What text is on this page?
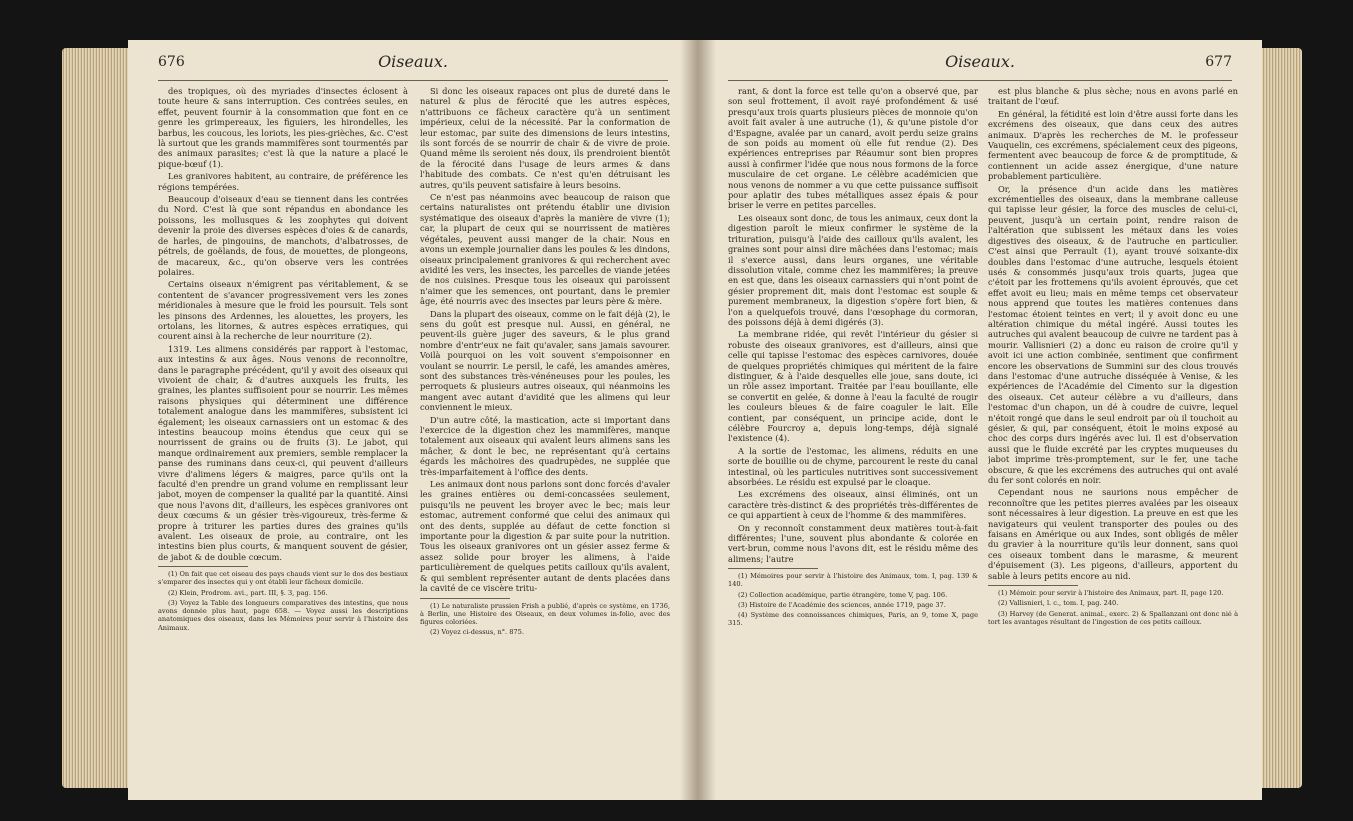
676	Oiseaux.

des tropiques, où des myriades d'insectes éclosent à toute heure & sans interruption. Ces contrées seules, en effet, peuvent fournir à la consommation que font en ce genre les grimpereaux, les figuiers, les hirondelles, les barbus, les coucous, les loriots, les pies-grièches, &c. C'est là surtout que les grands mammifères sont tourmentés par des animaux parasites; c'est là que la nature a placé le pique-bœuf (1).

Les granivores habitent, au contraire, de préférence les régions tempérées.

Beaucoup d'oiseaux d'eau se tiennent dans les contrées du Nord. C'est là que sont répandus en abondance les poissons, les mollusques & les zoophytes qui doivent devenir la proie des diverses espèces d'oies & de canards, de harles, de pingouins, de manchots, d'albatrosses, de pétrels, de goëlands, de fous, de mouettes, de plongeons, de macareux, &c., qu'on observe vers les contrées polaires.

Certains oiseaux n'émigrent pas véritablement, & se contentent de s'avancer progressivement vers les zones méridionales à mesure que le froid les poursuit. Tels sont les pinsons des Ardennes, les alouettes, les proyers, les ortolans, les litornes, & autres espèces erratiques, qui courent ainsi à la recherche de leur nourriture (2).

1319. Les alimens considérés par rapport à l'estomac, aux intestins & aux âges. Nous venons de reconnoître, dans le paragraphe précédent, qu'il y avoit des oiseaux qui vivoient de chair, & d'autres auxquels les fruits, les graines, les plantes suffisoient pour se nourrir. Les mêmes raisons physiques qui déterminent une différence totalement analogue dans les mammifères, subsistent ici également; les oiseaux carnassiers ont un estomac & des intestins beaucoup moins étendus que ceux qui se nourrissent de grains ou de fruits (3). Le jabot, qui manque ordinairement aux premiers, semble remplacer la panse des ruminans dans ceux-ci, qui peuvent d'ailleurs vivre d'alimens légers & maigres, parce qu'ils ont la faculté d'en prendre un grand volume en remplissant leur jabot, moyen de compenser la qualité par la quantité. Ainsi que nous l'avons dit, d'ailleurs, les espèces granivores ont deux cœcums & un gésier très-vigoureux, très-ferme & propre à triturer les parties dures des graines qu'ils avalent. Les oiseaux de proie, au contraire, ont les intestins bien plus courts, & manquent souvent de gésier, de jabot & de double cœcum.

(1) On fait que cet oiseau des pays chauds vient sur le dos des bestiaux s'emparer des insectes qui y ont établi leur fâcheux domicile.

(2) Klein, Prodrom. avi., part. III, §. 3, pag. 156.

(3) Voyez la Table des longueurs comparatives des intestins, que nous avons donnée plus haut, page 658. — Voyez aussi les descriptions anatomiques des oiseaux, dans les Mémoires pour servir à l'histoire des Animaux.

Si donc les oiseaux rapaces ont plus de dureté dans le naturel & plus de férocité que les autres espèces, n'attribuons ce fâcheux caractère qu'à un sentiment impérieux, celui de la nécessité. Par la conformation de leur estomac, par suite des dimensions de leurs intestins, ils sont forcés de se nourrir de chair & de vivre de proie. Quand même ils seroient nés doux, ils prendroient bientôt de la férocité dans l'usage de leurs armes & dans l'habitude des combats. Ce n'est qu'en détruisant les autres, qu'ils peuvent satisfaire à leurs besoins.

Ce n'est pas néanmoins avec beaucoup de raison que certains naturalistes ont prétendu établir une division systématique des oiseaux d'après la manière de vivre (1); car, la plupart de ceux qui se nourrissent de matières végétales, peuvent aussi manger de la chair. Nous en avons un exemple journalier dans les poules & les dindons, oiseaux principalement granivores & qui recherchent avec avidité les vers, les insectes, les parcelles de viande jetées de nos cuisines. Presque tous les oiseaux qui paroissent n'aimer que les semences, ont pourtant, dans le premier âge, été nourris avec des insectes par leurs père & mère.

Dans la plupart des oiseaux, comme on le fait déjà (2), le sens du goût est presque nul. Aussi, en général, ne peuvent-ils guère juger des saveurs, & le plus grand nombre d'entr'eux ne fait qu'avaler, sans jamais savourer. Voilà pourquoi on les voit souvent s'empoisonner en voulant se nourrir. Le persil, le café, les amandes amères, sont des substances très-vénéneuses pour les poules, les perroquets & plusieurs autres oiseaux, qui néanmoins les mangent avec autant d'avidité que les alimens qui leur conviennent le mieux.

D'un autre côté, la mastication, acte si important dans l'exercice de la digestion chez les mammifères, manque totalement aux oiseaux qui avalent leurs alimens sans les mâcher, & dont le bec, ne représentant qu'à certains égards les mâchoires des quadrupèdes, ne supplée que très-imparfaitement à l'office des dents.

Les animaux dont nous parlons sont donc forcés d'avaler les graines entières ou demi-concassées seulement, puisqu'ils ne peuvent les broyer avec le bec; mais leur estomac, autrement conformé que celui des animaux qui ont des dents, supplée au défaut de cette fonction si importante pour la digestion & par suite pour la nutrition. Tous les oiseaux granivores ont un gésier assez ferme & assez solide pour broyer les alimens, à l'aide particulièrement de quelques petits cailloux qu'ils avalent, & qui semblent représenter autant de dents placées dans la cavité de ce viscère tritu-

(1) Le naturaliste prussien Frish a publié, d'après ce système, en 1736, à Berlin, une Histoire des Oiseaux, en deux volumes in-folio, avec des figures coloriées.

(2) Voyez ci-dessus, n°. 875.

Oiseaux.	677

rant, & dont la force est telle qu'on a observé que, par son seul frottement, il avoit rayé profondément & usé presqu'aux trois quarts plusieurs pièces de monnoie qu'on avoit fait avaler à une autruche (1), & qu'une pistole d'or d'Espagne, avalée par un canard, avoit perdu seize grains de son poids au moment où elle fut rendue (2). Des expériences entreprises par Réaumur sont bien propres aussi à confirmer l'idée que nous nous formons de la force musculaire de cet organe. Le célèbre académicien que nous venons de nommer a vu que cette puissance suffisoit pour aplatir des tubes métalliques assez épais & pour briser le verre en petites parcelles.

Les oiseaux sont donc, de tous les animaux, ceux dont la digestion paroît le mieux confirmer le système de la trituration, puisqu'à l'aide des cailloux qu'ils avalent, les graines sont pour ainsi dire mâchées dans l'estomac; mais il s'exerce aussi, dans leurs organes, une véritable dissolution vitale, comme chez les mammifères; la preuve en est que, dans les oiseaux carnassiers qui n'ont point de gésier proprement dit, mais dont l'estomac est souple & purement membraneux, la digestion s'opère fort bien, & l'on a quelquefois trouvé, dans l'œsophage du cormoran, des poissons déjà à demi digérés (3).

La membrane ridée, qui revêt l'intérieur du gésier si robuste des oiseaux granivores, est d'ailleurs, ainsi que celle qui tapisse l'estomac des espèces carnivores, douée de quelques propriétés chimiques qui méritent de la faire distinguer, & à l'aide desquelles elle joue, sans doute, ici un rôle assez important. Traitée par l'eau bouillante, elle se convertit en gelée, & donne à l'eau la faculté de rougir les couleurs bleues & de faire coaguler le lait. Elle contient, par conséquent, un principe acide, dont le célèbre Fourcroy a, depuis long-temps, déjà signalé l'existence (4).

A la sortie de l'estomac, les alimens, réduits en une sorte de bouillie ou de chyme, parcourent le reste du canal intestinal, où les particules nutritives sont successivement absorbées. Le résidu est expulsé par le cloaque.

Les excrémens des oiseaux, ainsi éliminés, ont un caractère très-distinct & des propriétés très-différentes de ce qui appartient à ceux de l'homme & des mammifères.

On y reconnoît constamment deux matières tout-à-fait différentes; l'une, souvent plus abondante & colorée en vert-brun, comme nous l'avons dit, est le résidu même des alimens; l'autre

(1) Mémoires pour servir à l'histoire des Animaux, tom. I, pag. 139 & 140.

(2) Collection académique, partie étrangère, tome V, pag. 106.

(3) Histoire de l'Académie des sciences, année 1719, page 37.

(4) Système des connoissances chimiques, Paris, an 9, tome X, page 315.

est plus blanche & plus sèche; nous en avons parlé en traitant de l'œuf.

En général, la fétidité est loin d'être aussi forte dans les excrémens des oiseaux, que dans ceux des autres animaux. D'après les recherches de M. le professeur Vauquelin, ces excrémens, spécialement ceux des pigeons, fermentent avec beaucoup de force & de promptitude, & contiennent un acide assez énergique, d'une nature probablement particulière.

Or, la présence d'un acide dans les matières excrémentielles des oiseaux, dans la membrane calleuse qui tapisse leur gésier, la force des muscles de celui-ci, peuvent, jusqu'à un certain point, rendre raison de l'altération que subissent les métaux dans les voies digestives des oiseaux, & de l'autruche en particulier. C'est ainsi que Perrault (1), ayant trouvé soixante-dix doubles dans l'estomac d'une autruche, lesquels étoient usés & consommés jusqu'aux trois quarts, jugea que c'étoit par les frottemens qu'ils avoient éprouvés, que cet effet avoit eu lieu; mais en même temps cet observateur nous apprend que toutes les matières contenues dans l'estomac étoient teintes en vert; il y avoit donc eu une altération chimique du métal ingéré. Aussi toutes les autruches qui avalent beaucoup de cuivre ne tardent pas à mourir. Vallisnieri (2) a donc eu raison de croire qu'il y avoit ici une action combinée, sentiment que confirment encore les observations de Summini sur des clous trouvés dans l'estomac d'une autruche disséquée à Venise, & les expériences de l'Académie del Cimento sur la digestion des oiseaux. Cet auteur célèbre a vu d'ailleurs, dans l'estomac d'un chapon, un dé à coudre de cuivre, lequel n'étoit rongé que dans le seul endroit par où il touchoit au gésier, & qui, par conséquent, étoit le moins exposé au choc des corps durs ingérés avec lui. Il est d'observation aussi que le fluide excrété par les cryptes muqueuses du jabot imprime très-promptement, sur le fer, une tache obscure, & que les excrémens des autruches qui ont avalé du fer sont colorés en noir.

Cependant nous ne saurions nous empêcher de reconnoître que les petites pierres avalées par les oiseaux sont nécessaires à leur digestion. La preuve en est que les navigateurs qui veulent transporter des poules ou des faisans en Amérique ou aux Indes, sont obligés de mêler du gravier à la nourriture qu'ils leur donnent, sans quoi ces oiseaux tombent dans le marasme, & meurent d'épuisement (3). Les pigeons, d'ailleurs, apportent du sable à leurs petits encore au nid.

(1) Mémoir. pour servir à l'histoire des Animaux, part. II, page 120.

(2) Vallisnieri, l. c., tom. I, pag. 240.

(3) Harvey (de Generat. animal., exerc. 2) & Spallanzani ont donc nié à tort les avantages résultant de l'ingestion de ces petits cailloux.
